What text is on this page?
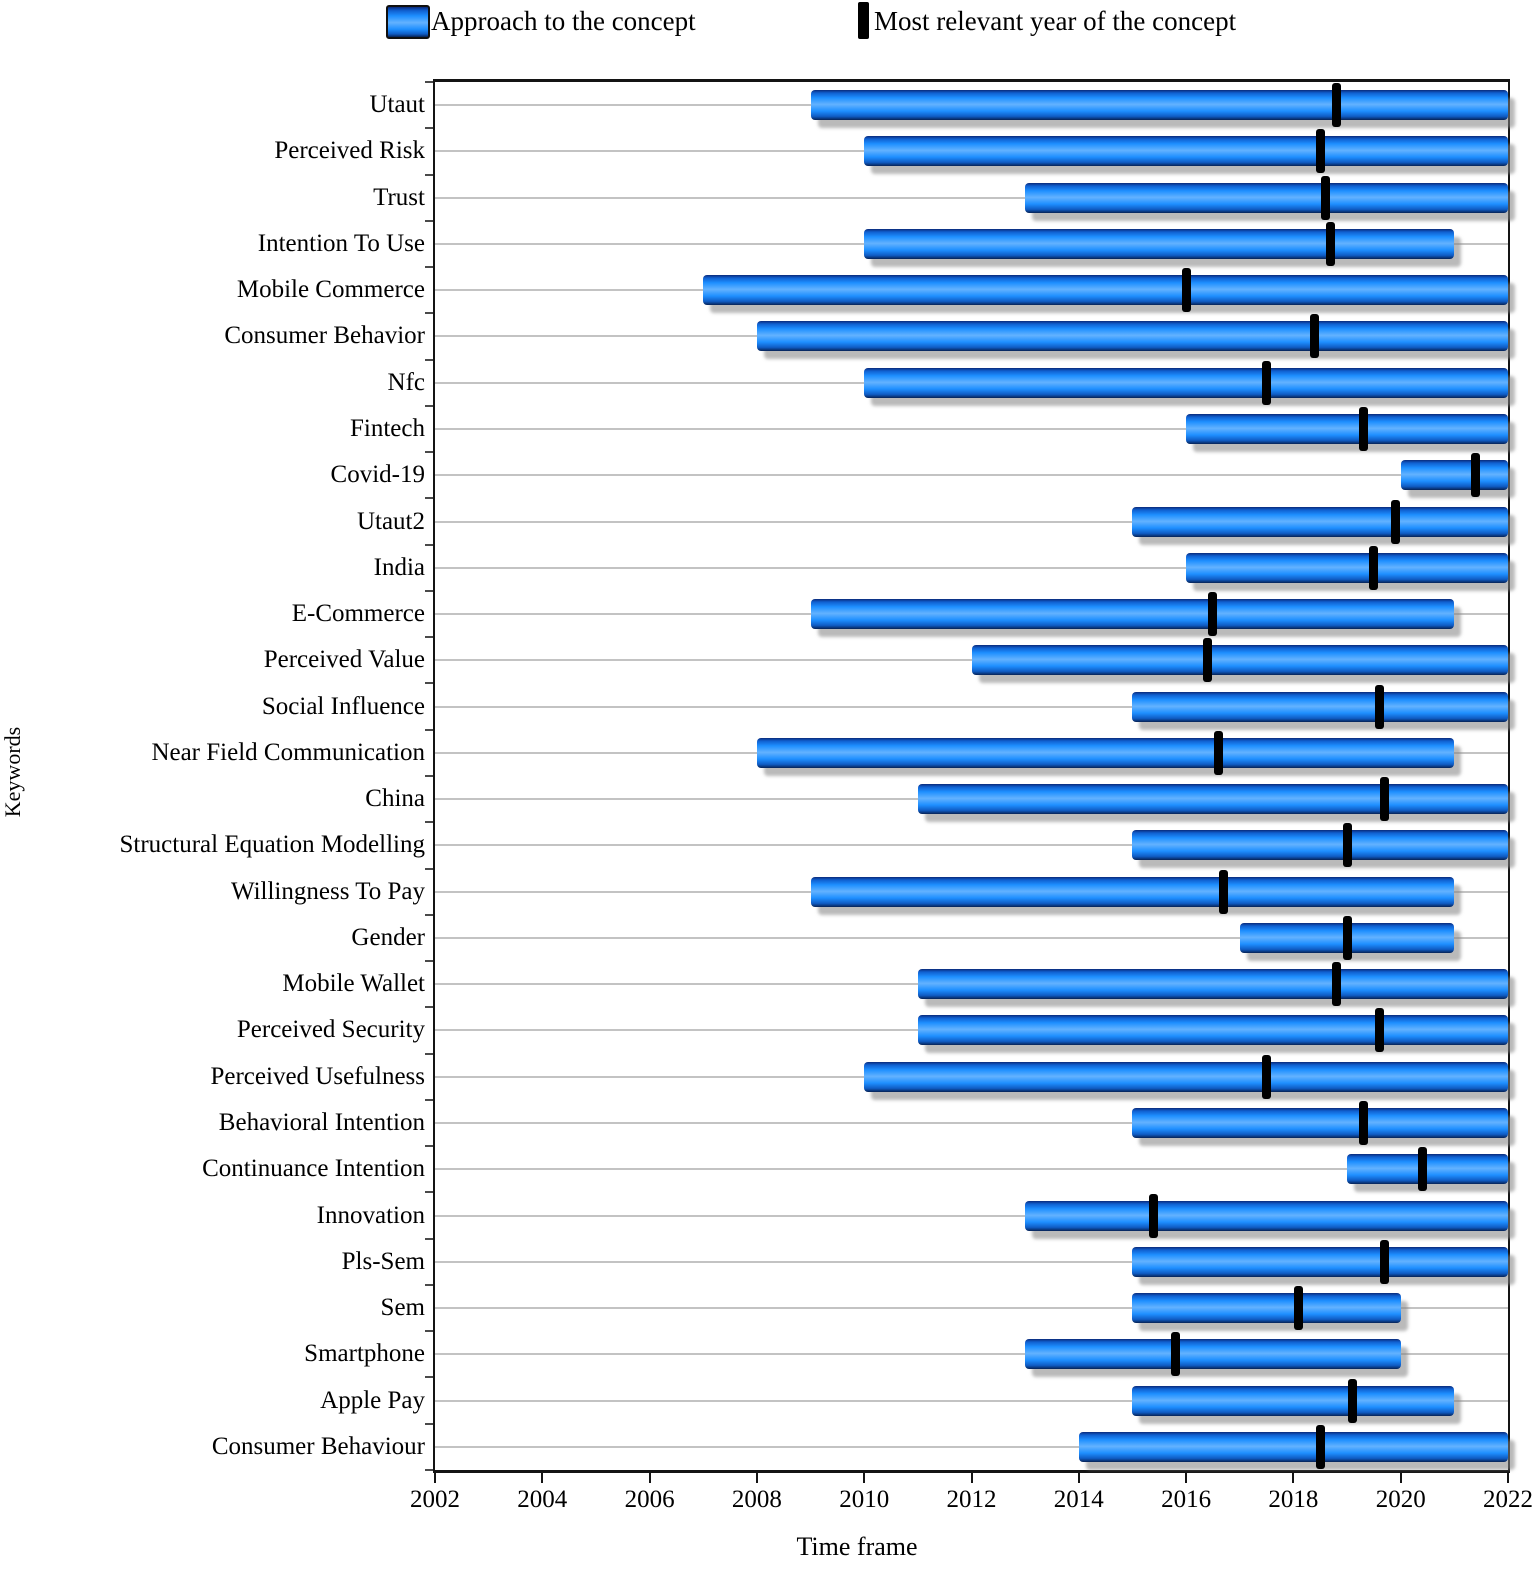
Approach to the concept	Most relevant year of the concept
Keywords
Utaut
Perceived Risk
Trust
Intention To Use
Mobile Commerce
Consumer Behavior
Nfc
Fintech
Covid-19
Utaut2
India
E-Commerce
Perceived Value
Social Influence
Near Field Communication
China
Structural Equation Modelling
Willingness To Pay
Gender
Mobile Wallet
Perceived Security
Perceived Usefulness
Behavioral Intention
Continuance Intention
Innovation
Pls-Sem
Sem
Smartphone
Apple Pay
Consumer Behaviour
2002	2004	2006	2008	2010	2012	2014	2016	2018	2020	2022
Time frame
